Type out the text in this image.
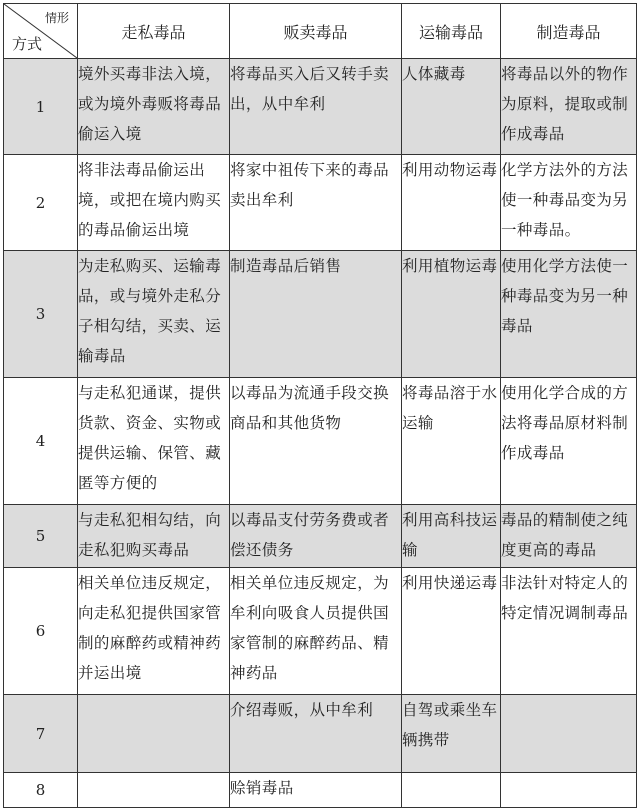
情形
方式	走私毒品	贩卖毒品	运输毒品	制造毒品
1	境外买毒非法入境，或为境外毒贩将毒品偷运入境	将毒品买入后又转手卖出，从中牟利	人体藏毒	将毒品以外的物作为原料，提取或制作成毒品
2	将非法毒品偷运出境，或把在境内购买的毒品偷运出境	将家中祖传下来的毒品卖出牟利	利用动物运毒	化学方法外的方法使一种毒品变为另一种毒品。
3	为走私购买、运输毒品，或与境外走私分子相勾结，买卖、运输毒品	制造毒品后销售	利用植物运毒	使用化学方法使一种毒品变为另一种毒品
4	与走私犯通谋，提供货款、资金、实物或提供运输、保管、藏匿等方便的	以毒品为流通手段交换商品和其他货物	将毒品溶于水运输	使用化学合成的方法将毒品原材料制作成毒品
5	与走私犯相勾结，向走私犯购买毒品	以毒品支付劳务费或者偿还债务	利用高科技运输	毒品的精制使之纯度更高的毒品
6	相关单位违反规定，向走私犯提供国家管制的麻醉药或精神药并运出境	相关单位违反规定，为牟利向吸食人员提供国家管制的麻醉药品、精神药品	利用快递运毒	非法针对特定人的特定情况调制毒品
7		介绍毒贩，从中牟利	自驾或乘坐车辆携带	
8		赊销毒品		
